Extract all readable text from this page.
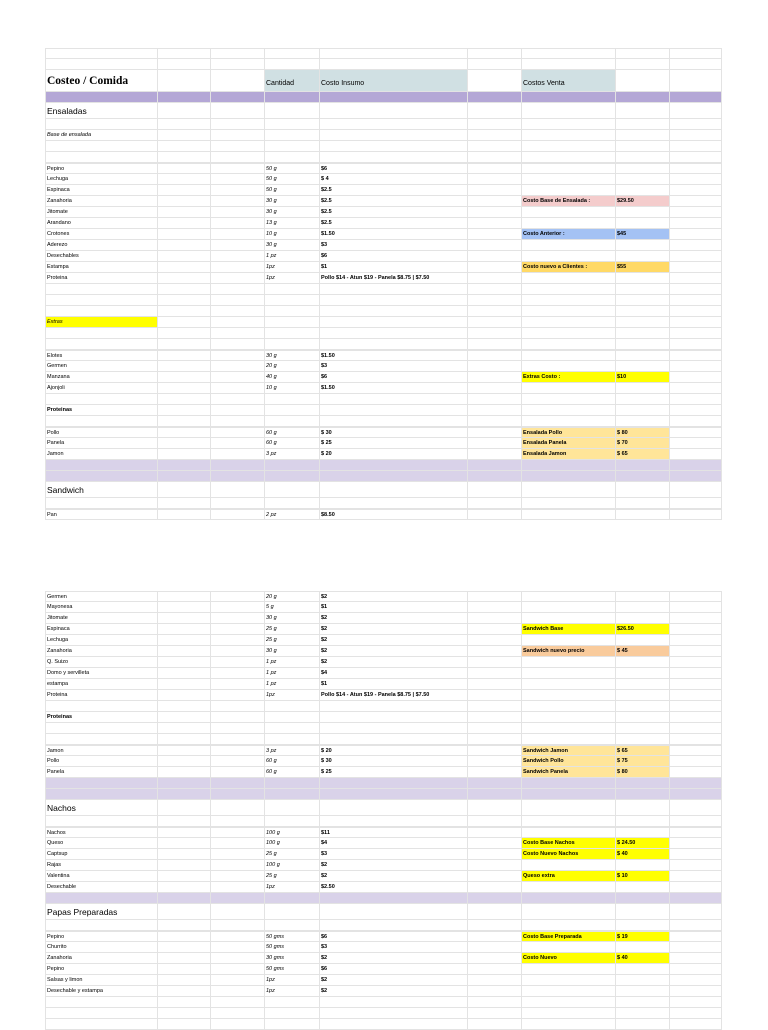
Costeo / Comida	Cantidad	Costo Insumo	Costos Venta
Ensaladas
Base de ensalada
Pepino	50 g	$6
Lechuga	50 g	$ 4
Espinaca	50 g	$2.5
Zanahoria	30 g	$2.5	Costo Base de Ensalada :	$29.50
Jitomate	30 g	$2.5
Arandano	13 g	$2.5
Crotones	10 g	$1.50	Costo Anterior :	$45
Aderezo	30 g	$3
Desechables	1 pz	$6
Estampa	1pz	$1	Costo nuevo a Clientes :	$55
Proteina	1pz	Pollo $14 - Atun $19 - Panela $8.75 | $7.50
Extras
Elotes	30 g	$1.50
Germen	20 g	$3
Manzana	40 g	$6	Extras Costo :	$10
Ajonjoli	10 g	$1.50
Proteinas
Pollo	60 g	$ 30	Ensalada Pollo	$ 80
Panela	60 g	$ 25	Ensalada Panela	$ 70
Jamon	3 pz	$ 20	Ensalada Jamon	$ 65
Sandwich
Pan	2 pz	$8.50
Germen	20 g	$2
Mayonesa	5 g	$1
Jitomate	30 g	$2
Espinaca	25 g	$2	Sandwich Base	$26.50
Lechuga	25 g	$2
Zanahoria	30 g	$2	Sandwich nuevo precio	$ 45
Q. Suizo	1 pz	$2
Domo y servilleta	1 pz	$4
estampa	1 pz	$1
Proteina	1pz	Pollo $14 - Atun $19 - Panela $8.75 | $7.50
Proteinas
Jamon	3 pz	$ 20	Sandwich Jamon	$ 65
Pollo	60 g	$ 30	Sandwich Pollo	$ 75
Panela	60 g	$ 25	Sandwich Panela	$ 80
Nachos
Nachos	100 g	$11
Queso	100 g	$4	Costo Base Nachos	$ 24.50
Captsup	25 g	$3	Costo Nuevo Nachos	$ 40
Rajas	100 g	$2
Valentina	25 g	$2	Queso extra	$ 10
Desechable	1pz	$2.50
Papas Preparadas
Pepino	50 gms	$6	Costo Base Preparada	$ 19
Churrito	50 gms	$3
Zanahoria	30 gms	$2	Costo Nuevo	$ 40
Pepino	50 gms	$6
Salsas y limon	1pz	$2
Desechable y estampa	1pz	$2
